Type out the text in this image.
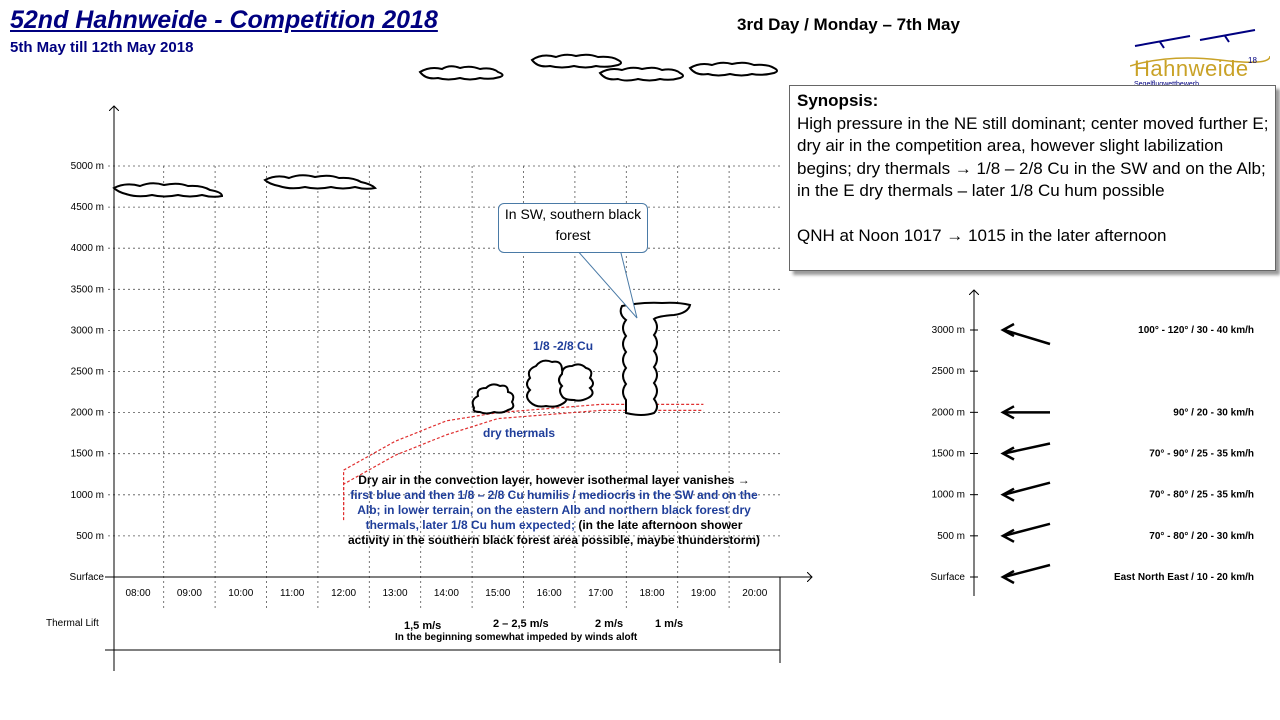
52nd Hahnweide - Competition 2018
5th May till 12th May 2018
3rd Day / Monday – 7th May
Hahnweide 18
5000 m
4500 m
4000 m
3500 m
3000 m
2500 m
2000 m
1500 m
1000 m
500 m
Surface
08:00	09:00	10:00	11:00	12:00	13:00	14:00	15:00	16:00	17:00	18:00	19:00	20:00
100° - 120° / 30 - 40 km/h
90° / 20 - 30 km/h
70° - 90° / 25 - 35 km/h
70° - 80° / 25 - 35 km/h
70° - 80° / 20 - 30 km/h
East North East / 10 - 20 km/h
3000 m
2500 m
2000 m
1500 m
1000 m
500 m
Surface

Synopsis:

High pressure in the NE still dominant; center moved further E; dry air in the competition area, however slight labilization begins; dry thermals → 1/8 – 2/8 Cu in the SW and on the Alb; in the E dry thermals – later 1/8 Cu hum possible

QNH at Noon 1017 → 1015 in the later afternoon

In SW, southern black forest
1/8 -2/8 Cu
dry thermals
Dry air in the convection layer, however isothermal layer vanishes → first blue and then 1/8 – 2/8 Cu humilis / mediocris in the SW and on the Alb; in lower terrain, on the eastern Alb and northern black forest dry thermals, later 1/8 Cu hum expected; (in the late afternoon shower activity in the southern black forest area possible, maybe thunderstorm)
Thermal Lift	1,5 m/s	2 – 2,5 m/s	2 m/s	1 m/s
In the beginning somewhat impeded by winds aloft
